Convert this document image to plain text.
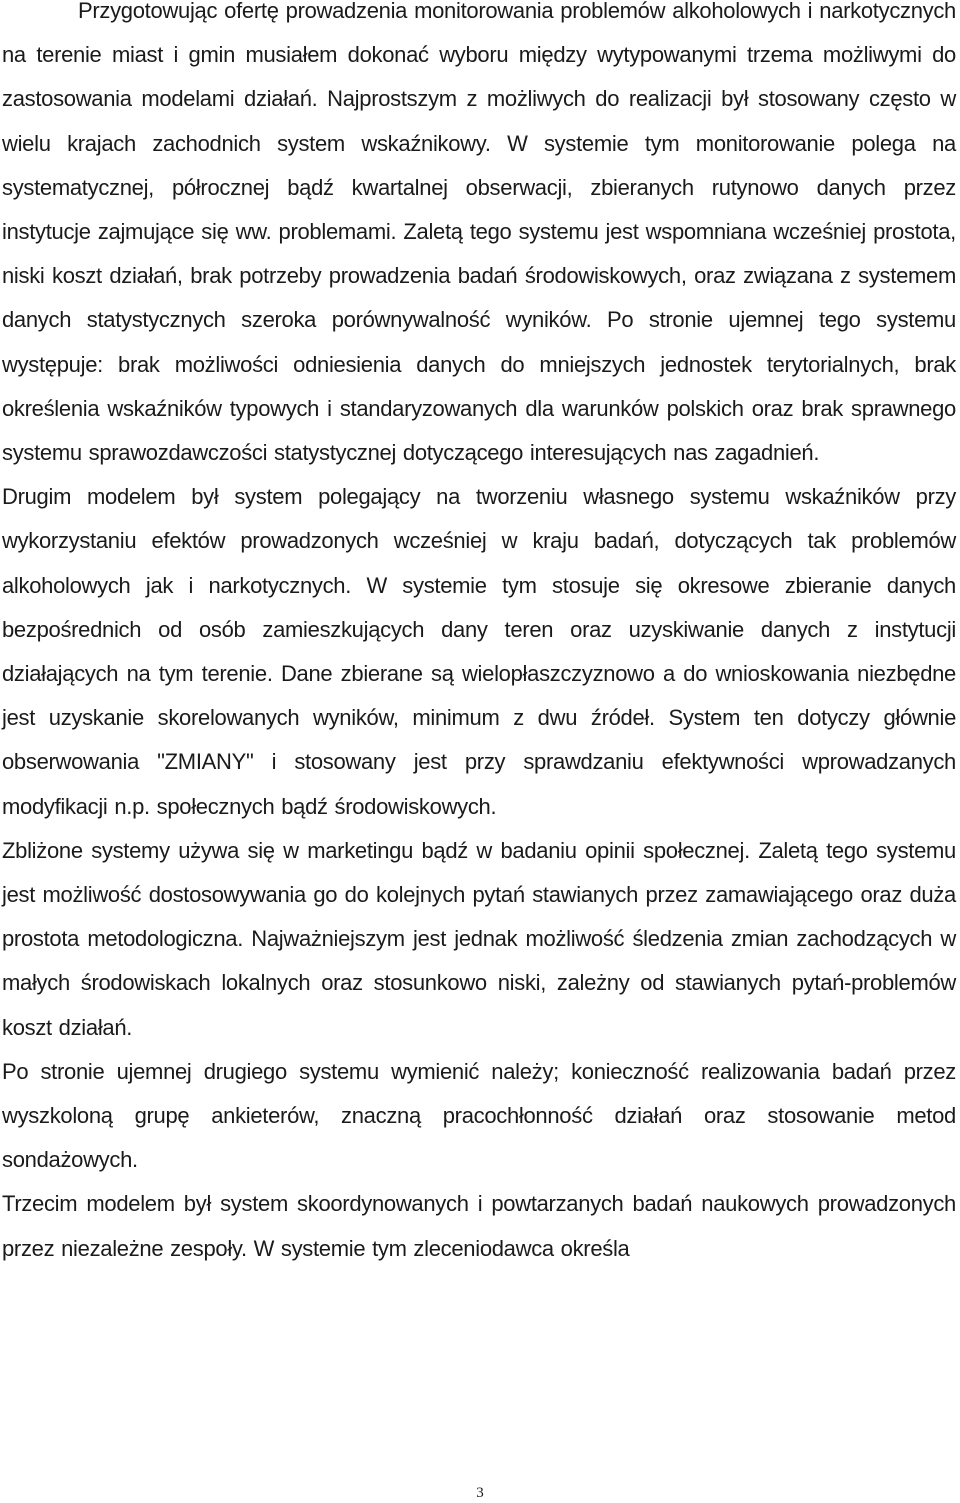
Przygotowując ofertę prowadzenia monitorowania problemów alkoholowych i narkotycznych na terenie miast i gmin musiałem dokonać wyboru między wytypowanymi trzema możliwymi do zastosowania modelami działań. Najprostszym z możliwych do realizacji był stosowany często w wielu krajach zachodnich system wskaźnikowy. W systemie tym monitorowanie polega na systematycznej, półrocznej bądź kwartalnej obserwacji, zbieranych rutynowo danych przez instytucje zajmujące się ww. problemami. Zaletą tego systemu jest wspomniana wcześniej prostota, niski koszt działań, brak potrzeby prowadzenia badań środowiskowych, oraz związana z systemem danych statystycznych szeroka porównywalność wyników. Po stronie ujemnej tego systemu występuje: brak możliwości odniesienia danych do mniejszych jednostek terytorialnych, brak określenia wskaźników typowych i standaryzowanych dla warunków polskich oraz brak sprawnego systemu sprawozdawczości statystycznej dotyczącego interesujących nas zagadnień.

Drugim modelem był system polegający na tworzeniu własnego systemu wskaźników przy wykorzystaniu efektów prowadzonych wcześniej w kraju badań, dotyczących tak problemów alkoholowych jak i narkotycznych. W systemie tym stosuje się okresowe zbieranie danych bezpośrednich od osób zamieszkujących dany teren oraz uzyskiwanie danych z instytucji działających na tym terenie. Dane zbierane są wielopłaszczyznowo a do wnioskowania niezbędne jest uzyskanie skorelowanych wyników, minimum z dwu źródeł. System ten dotyczy głównie obserwowania "ZMIANY" i stosowany jest przy sprawdzaniu efektywności wprowadzanych modyfikacji n.p. społecznych bądź środowiskowych.

Zbliżone systemy używa się w marketingu bądź w badaniu opinii społecznej. Zaletą tego systemu jest możliwość dostosowywania go do kolejnych pytań stawianych przez zamawiającego oraz duża prostota metodologiczna. Najważniejszym jest jednak możliwość śledzenia zmian zachodzących w małych środowiskach lokalnych oraz stosunkowo niski, zależny od stawianych pytań-problemów koszt działań.

Po stronie ujemnej drugiego systemu wymienić należy; konieczność realizowania badań przez wyszkoloną grupę ankieterów, znaczną pracochłonność działań oraz stosowanie metod sondażowych.

Trzecim modelem był system skoordynowanych i powtarzanych badań naukowych prowadzonych przez niezależne zespoły. W systemie tym zleceniodawca określa

3
